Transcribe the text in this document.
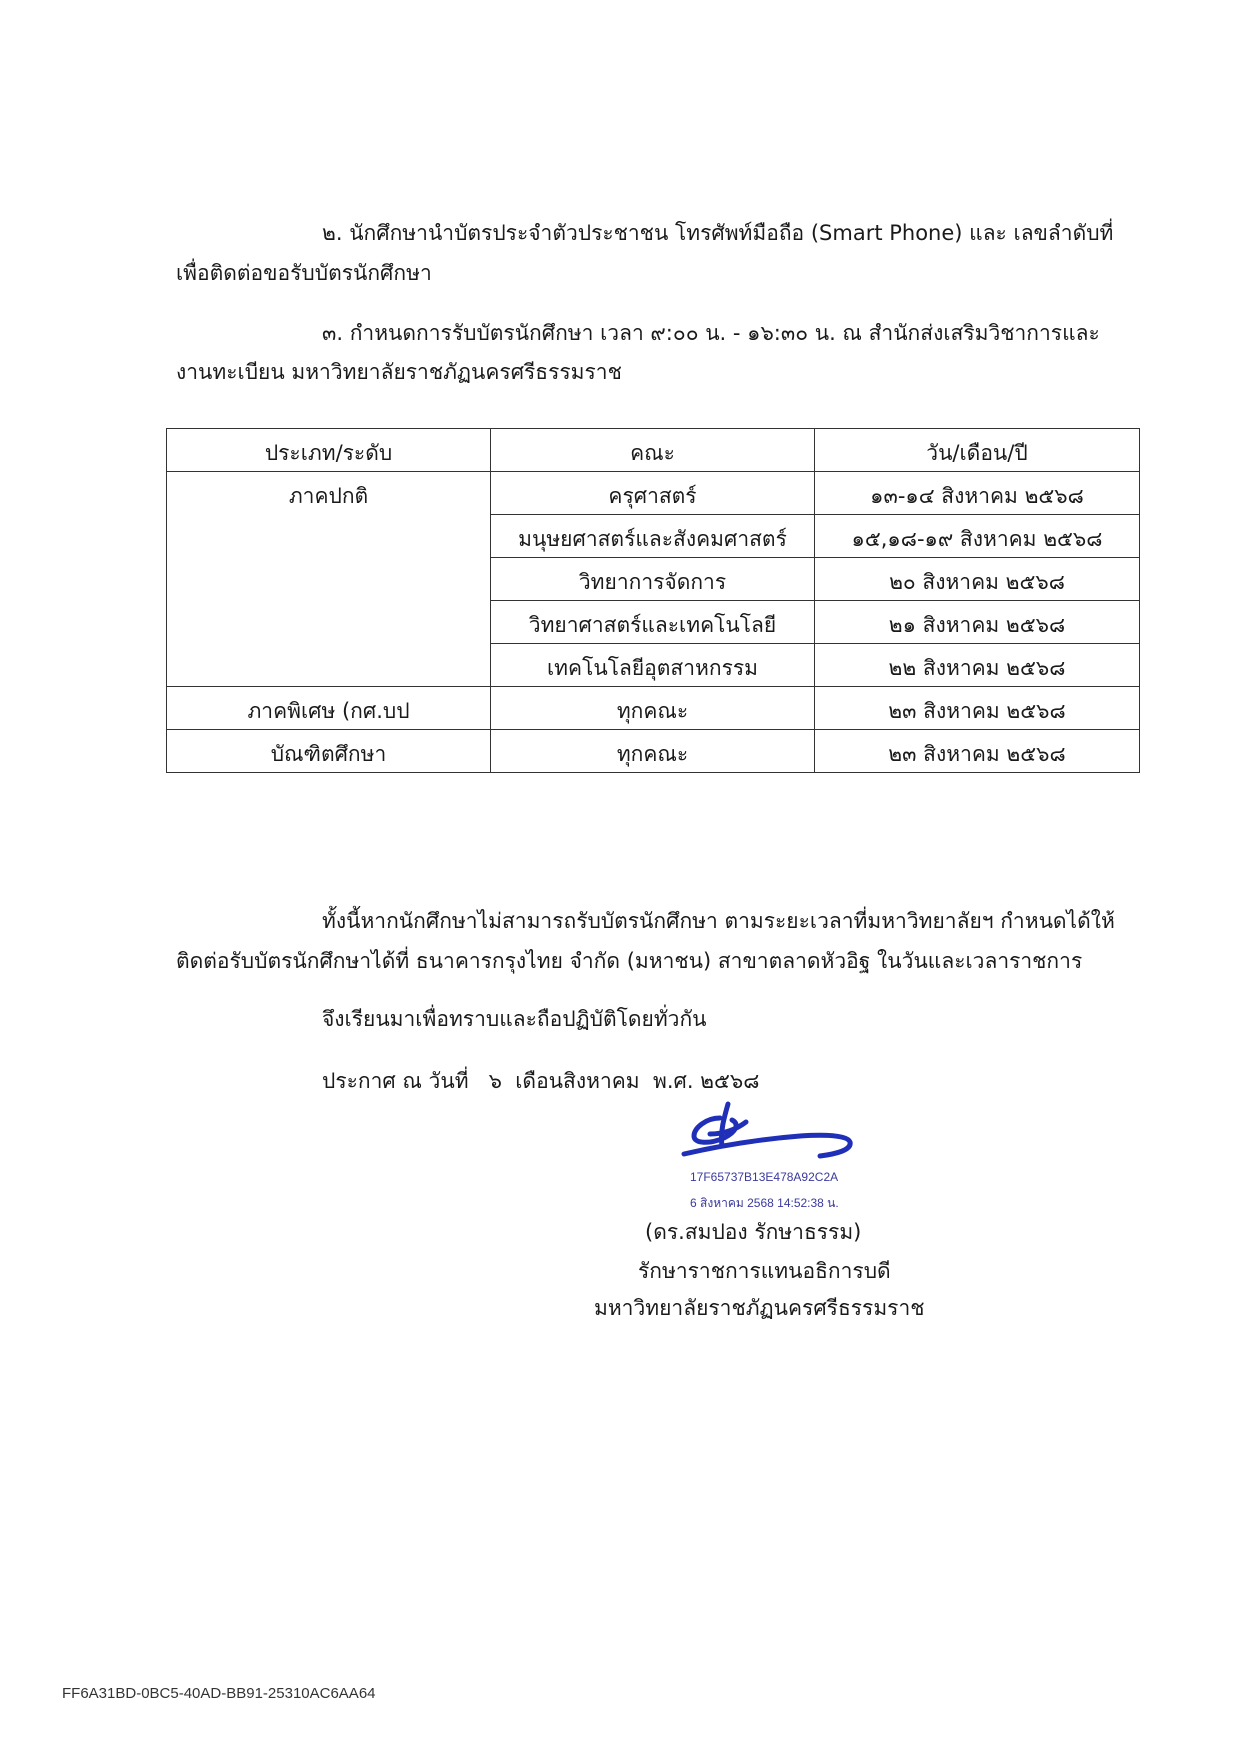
๒. นักศึกษานำบัตรประจำตัวประชาชน โทรศัพท์มือถือ (Smart Phone) และ เลขลำดับที่
เพื่อติดต่อขอรับบัตรนักศึกษา
๓. กำหนดการรับบัตรนักศึกษา เวลา ๙:๐๐ น. - ๑๖:๓๐ น. ณ สำนักส่งเสริมวิชาการและ
งานทะเบียน มหาวิทยาลัยราชภัฏนครศรีธรรมราช
ประเภท/ระดับ	คณะ	วัน/เดือน/ปี
ภาคปกติ	ครุศาสตร์	๑๓-๑๔ สิงหาคม ๒๕๖๘
	มนุษยศาสตร์และสังคมศาสตร์	๑๕,๑๘-๑๙ สิงหาคม ๒๕๖๘
	วิทยาการจัดการ	๒๐ สิงหาคม ๒๕๖๘
	วิทยาศาสตร์และเทคโนโลยี	๒๑ สิงหาคม ๒๕๖๘
	เทคโนโลยีอุตสาหกรรม	๒๒ สิงหาคม ๒๕๖๘
ภาคพิเศษ (กศ.บป	ทุกคณะ	๒๓ สิงหาคม ๒๕๖๘
บัณฑิตศึกษา	ทุกคณะ	๒๓ สิงหาคม ๒๕๖๘
ทั้งนี้หากนักศึกษาไม่สามารถรับบัตรนักศึกษา ตามระยะเวลาที่มหาวิทยาลัยฯ กำหนดได้ให้
ติดต่อรับบัตรนักศึกษาได้ที่ ธนาคารกรุงไทย จำกัด (มหาชน) สาขาตลาดหัวอิฐ ในวันและเวลาราชการ
จึงเรียนมาเพื่อทราบและถือปฏิบัติโดยทั่วกัน
ประกาศ ณ วันที่   ๖  เดือนสิงหาคม  พ.ศ. ๒๕๖๘
17F65737B13E478A92C2A
6 สิงหาคม 2568 14:52:38 น.
(ดร.สมปอง รักษาธรรม)
รักษาราชการแทนอธิการบดี
มหาวิทยาลัยราชภัฏนครศรีธรรมราช
FF6A31BD-0BC5-40AD-BB91-25310AC6AA64
